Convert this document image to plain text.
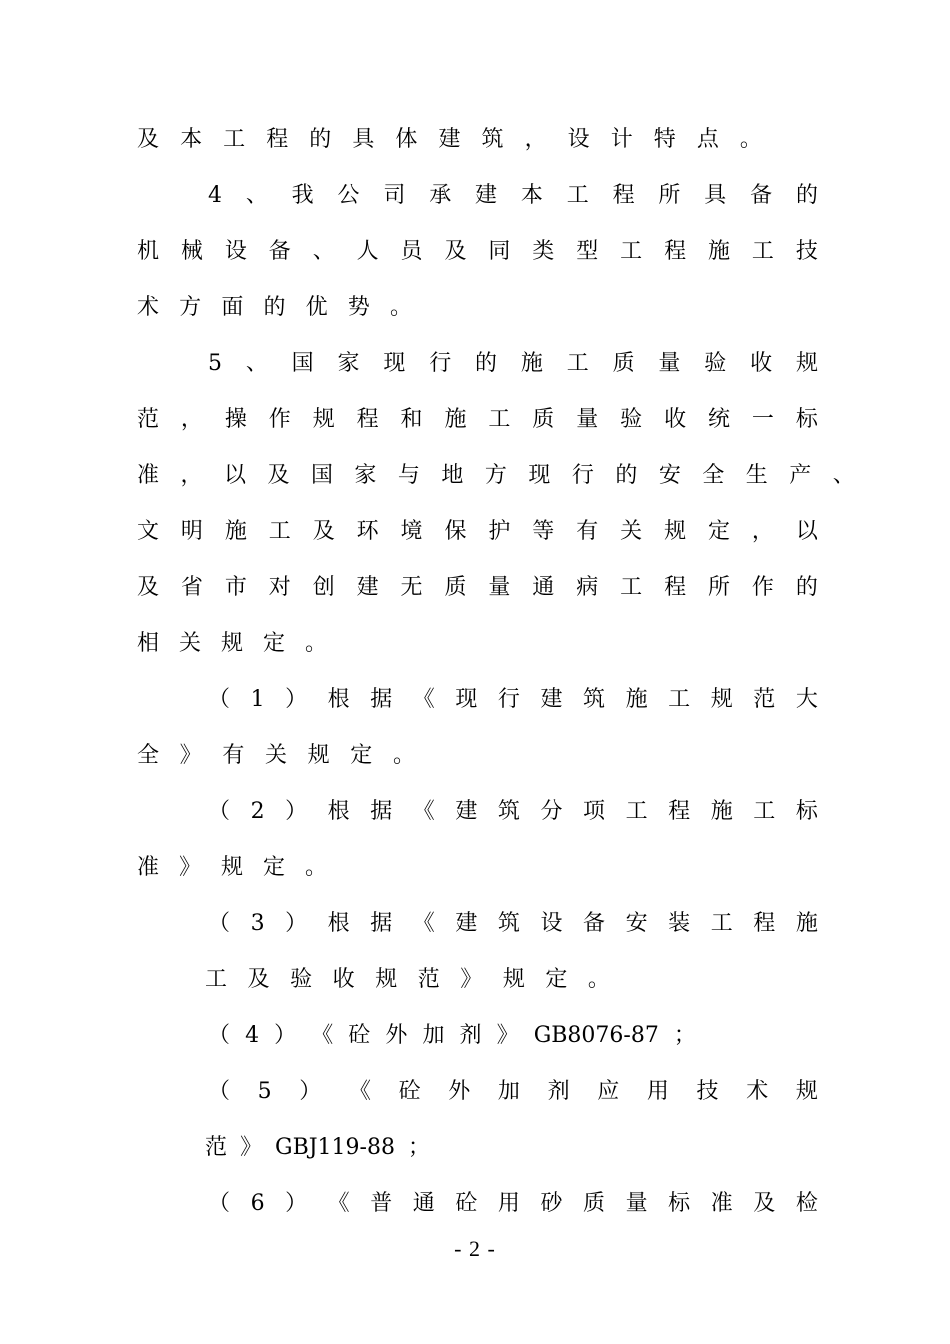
及 本 工 程 的 具 体 建 筑 ， 设 计 特 点 。
4 、 我 公 司 承 建 本 工 程 所 具 备 的
机 械 设 备 、 人 员 及 同 类 型 工 程 施 工 技
术 方 面 的 优 势 。
5 、 国 家 现 行 的 施 工 质 量 验 收 规
范 ， 操 作 规 程 和 施 工 质 量 验 收 统 一 标
准 ， 以 及 国 家 与 地 方 现 行 的 安 全 生 产 、
文 明 施 工 及 环 境 保 护 等 有 关 规 定 ， 以
及 省 市 对 创 建 无 质 量 通 病 工 程 所 作 的
相 关 规 定 。
（ 1 ） 根 据 《 现 行 建 筑 施 工 规 范 大
全 》 有 关 规 定 。
（ 2 ） 根 据 《 建 筑 分 项 工 程 施 工 标
准 》 规 定 。
（ 3 ） 根 据 《 建 筑 设 备 安 装 工 程 施
工 及 验 收 规 范 》 规 定 。
（ 4 ） 《 砼 外 加 剂 》 GB8076-87 ；
（ 5 ） 《 砼 外 加 剂 应 用 技 术 规
范 》 GBJ119-88 ；
（ 6 ） 《 普 通 砼 用 砂 质 量 标 准 及 检
- 2 -
